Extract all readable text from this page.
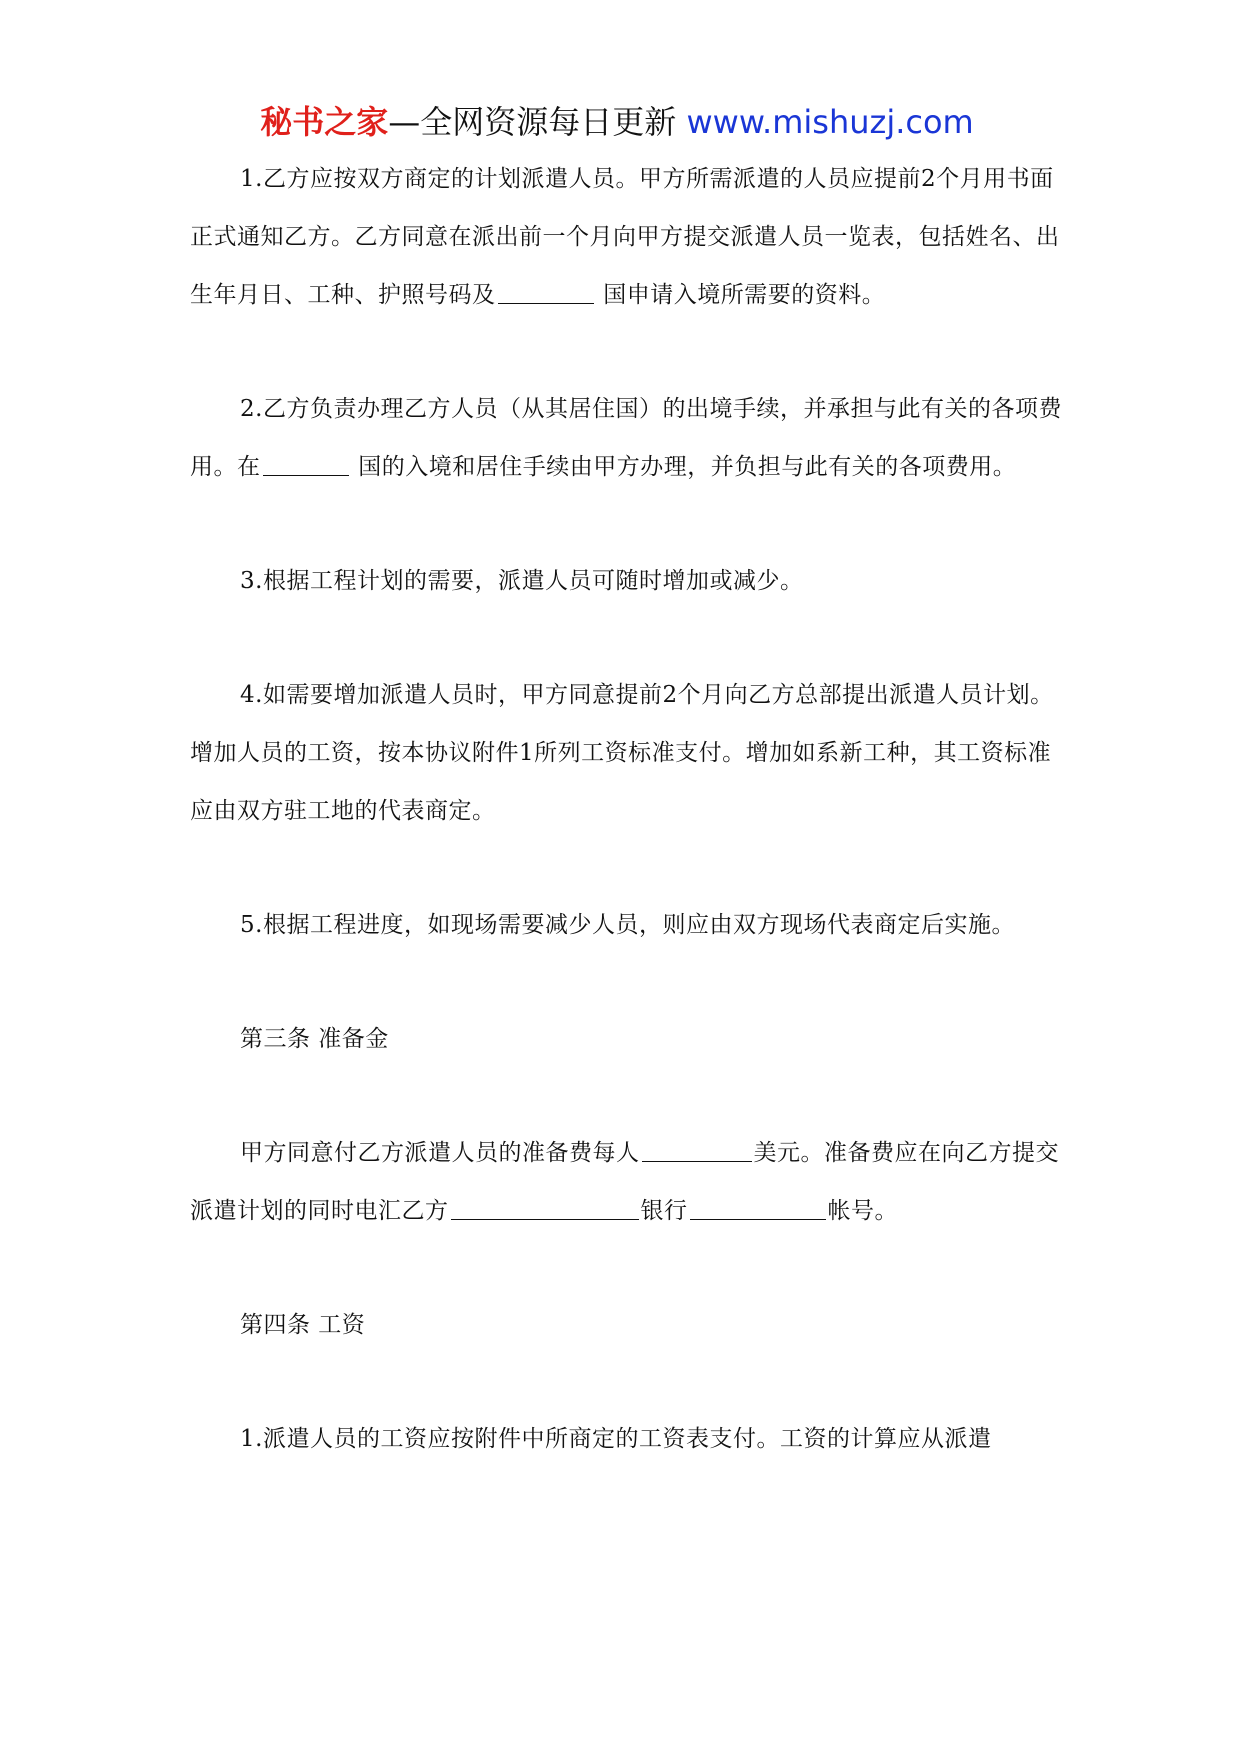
秘书之家—全网资源每日更新 www.mishuzj.com

1.乙方应按双方商定的计划派遣人员。甲方所需派遣的人员应提前2个月用书面正式通知乙方。乙方同意在派出前一个月向甲方提交派遣人员一览表，包括姓名、出生年月日、工种、护照号码及	国申请入境所需要的资料。

2.乙方负责办理乙方人员（从其居住国）的出境手续，并承担与此有关的各项费用。在	国的入境和居住手续由甲方办理，并负担与此有关的各项费用。

3.根据工程计划的需要，派遣人员可随时增加或减少。

4.如需要增加派遣人员时，甲方同意提前2个月向乙方总部提出派遣人员计划。增加人员的工资，按本协议附件1所列工资标准支付。增加如系新工种，其工资标准应由双方驻工地的代表商定。

5.根据工程进度，如现场需要减少人员，则应由双方现场代表商定后实施。

第三条 准备金

甲方同意付乙方派遣人员的准备费每人	美元。准备费应在向乙方提交派遣计划的同时电汇乙方	银行	帐号。

第四条 工资

1.派遣人员的工资应按附件中所商定的工资表支付。工资的计算应从派遣
